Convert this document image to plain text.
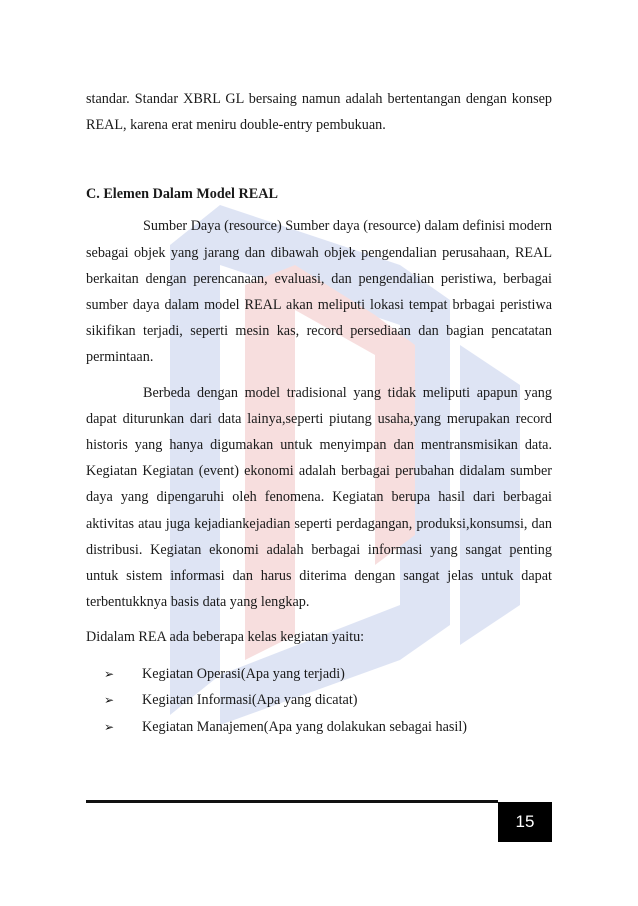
standar. Standar XBRL GL bersaing namun adalah bertentangan dengan konsep REAL, karena erat meniru double-entry pembukuan.

C. Elemen Dalam Model REAL

Sumber Daya (resource) Sumber daya (resource) dalam definisi modern sebagai objek yang jarang dan dibawah objek pengendalian perusahaan, REAL berkaitan dengan perencanaan, evaluasi, dan pengendalian peristiwa, berbagai sumber daya dalam model REAL akan meliputi lokasi tempat brbagai peristiwa sikifikan terjadi, seperti mesin kas, record persediaan dan bagian pencatatan permintaan.

Berbeda dengan model tradisional yang tidak meliputi apapun yang dapat diturunkan dari data lainya,seperti piutang usaha,yang merupakan record historis yang hanya digumakan untuk menyimpan dan mentransmisikan data. Kegiatan Kegiatan (event) ekonomi adalah berbagai perubahan didalam sumber daya yang dipengaruhi oleh fenomena. Kegiatan berupa hasil dari berbagai aktivitas atau juga kejadiankejadian seperti perdagangan, produksi,konsumsi, dan distribusi. Kegiatan ekonomi adalah berbagai informasi yang sangat penting untuk sistem informasi dan harus diterima dengan sangat jelas untuk dapat terbentukknya basis data yang lengkap.

Didalam REA ada beberapa kelas kegiatan yaitu:

➢	Kegiatan Operasi(Apa yang terjadi)
➢	Kegiatan Informasi(Apa yang dicatat)
➢	Kegiatan Manajemen(Apa yang dolakukan sebagai hasil)
15
